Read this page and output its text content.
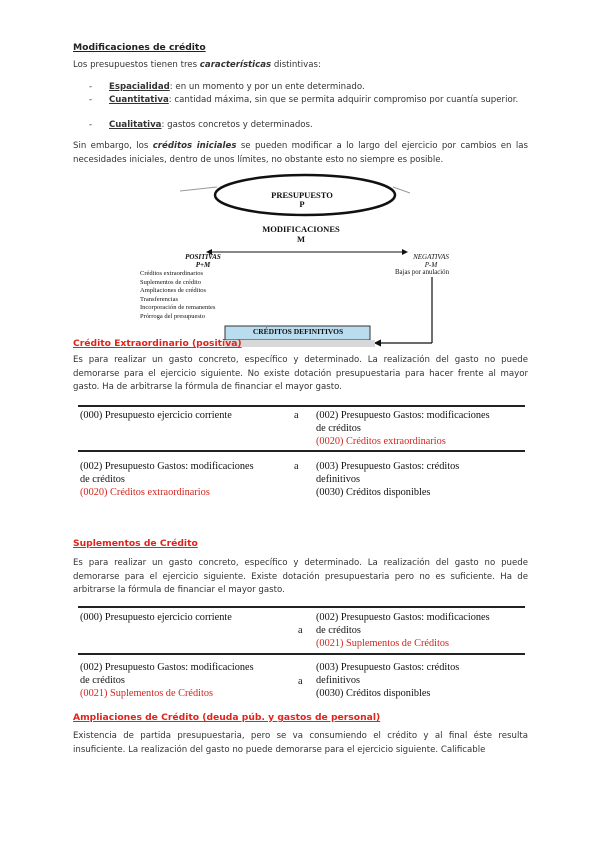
Modificaciones de crédito
Los presupuestos tienen tres características distintivas:
- Espacialidad: en un momento y por un ente determinado.
- Cuantitativa: cantidad máxima, sin que se permita adquirir compromiso por cuantía superior.
- Cualitativa: gastos concretos y determinados.
Sin embargo, los créditos iniciales se pueden modificar a lo largo del ejercicio por cambios en las necesidades iniciales, dentro de unos límites, no obstante esto no siempre es posible.
PRESUPUESTO
P
MODIFICACIONES
M
POSITIVAS
P+M
Créditos extraordinarios
Suplementos de crédito
Ampliaciones de créditos
Transferencias
Incorporación de remanentes
Prórroga del presupuesto
NEGATIVAS
P-M
Bajas por anulación
CRÉDITOS DEFINITIVOS
Crédito Extraordinario (positiva)
Es para realizar un gasto concreto, específico y determinado. La realización del gasto no puede demorarse para el ejercicio siguiente. No existe dotación presupuestaria para hacer frente al mayor gasto. Ha de arbitrarse la fórmula de financiar el mayor gasto.
(000) Presupuesto ejercicio corriente	a (002) Presupuesto Gastos: modificaciones
de créditos
(0020) Créditos extraordinarios
(002) Presupuesto Gastos: modificaciones
de créditos
(0020) Créditos extraordinarios
a (003) Presupuesto Gastos: créditos
definitivos
(0030) Créditos disponibles
Suplementos de Crédito
Es para realizar un gasto concreto, específico y determinado. La realización del gasto no puede demorarse para el ejercicio siguiente. Existe dotación presupuestaria pero no es suficiente. Ha de arbitrarse la fórmula de financiar el mayor gasto.
(000) Presupuesto ejercicio corriente
a
(002) Presupuesto Gastos: modificaciones
de créditos
(0021) Suplementos de Créditos
(002) Presupuesto Gastos: modificaciones
de créditos
(0021) Suplementos de Créditos
a
(003) Presupuesto Gastos: créditos
definitivos
(0030) Créditos disponibles
Ampliaciones de Crédito (deuda púb. y gastos de personal)
Existencia de partida presupuestaria, pero se va consumiendo el crédito y al final éste resulta insuficiente. La realización del gasto no puede demorarse para el ejercicio siguiente. Calificable
